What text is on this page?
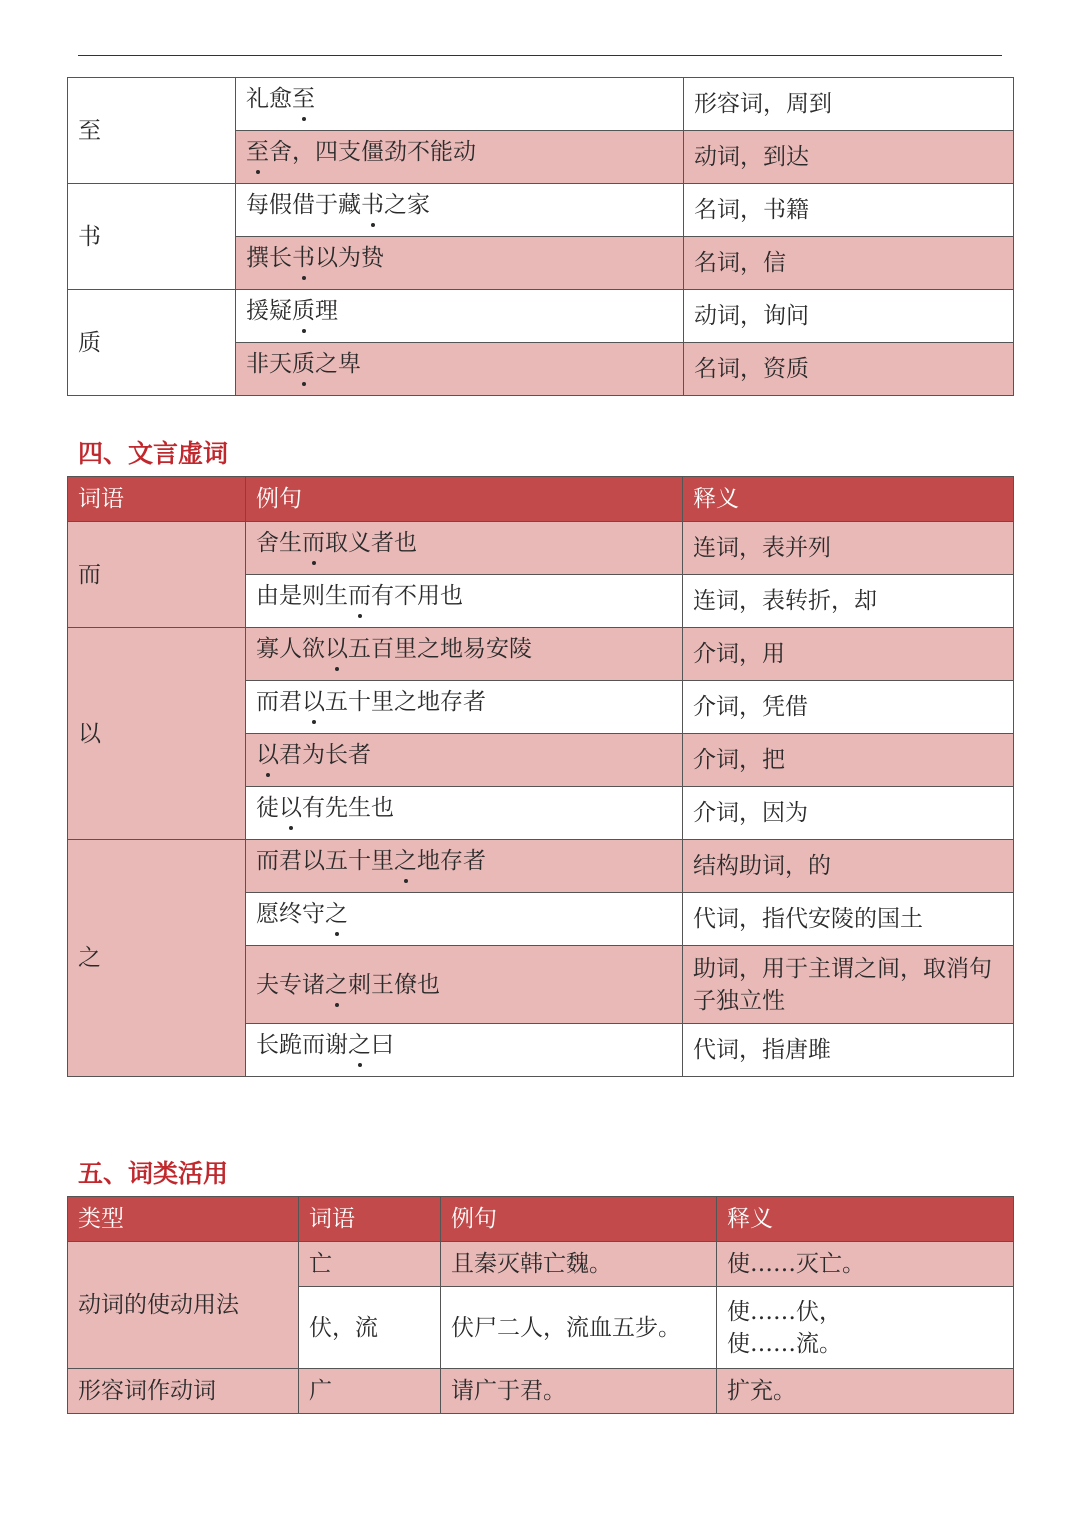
至	礼愈至	形容词，周到
	至舍，四支僵劲不能动	动词，到达
书	每假借于藏书之家	名词，书籍
	撰长书以为贽	名词，信
质	援疑质理	动词，询问
	非天质之卑	名词，资质
四、文言虚词
词语	例句	释义
而	舍生而取义者也	连词，表并列
	由是则生而有不用也	连词，表转折，却
以	寡人欲以五百里之地易安陵	介词，用
	而君以五十里之地存者	介词，凭借
	以君为长者	介词，把
	徒以有先生也	介词，因为
之	而君以五十里之地存者	结构助词，的
	愿终守之	代词，指代安陵的国土
	夫专诸之刺王僚也	助词，用于主谓之间，取消句子独立性
	长跪而谢之曰	代词，指唐雎
五、词类活用
类型	词语	例句	释义
动词的使动用法	亡	且秦灭韩亡魏。	使……灭亡。
	伏，流	伏尸二人，流血五步。	使……伏，
使……流。

形容词作动词	广	请广于君。	扩充。
